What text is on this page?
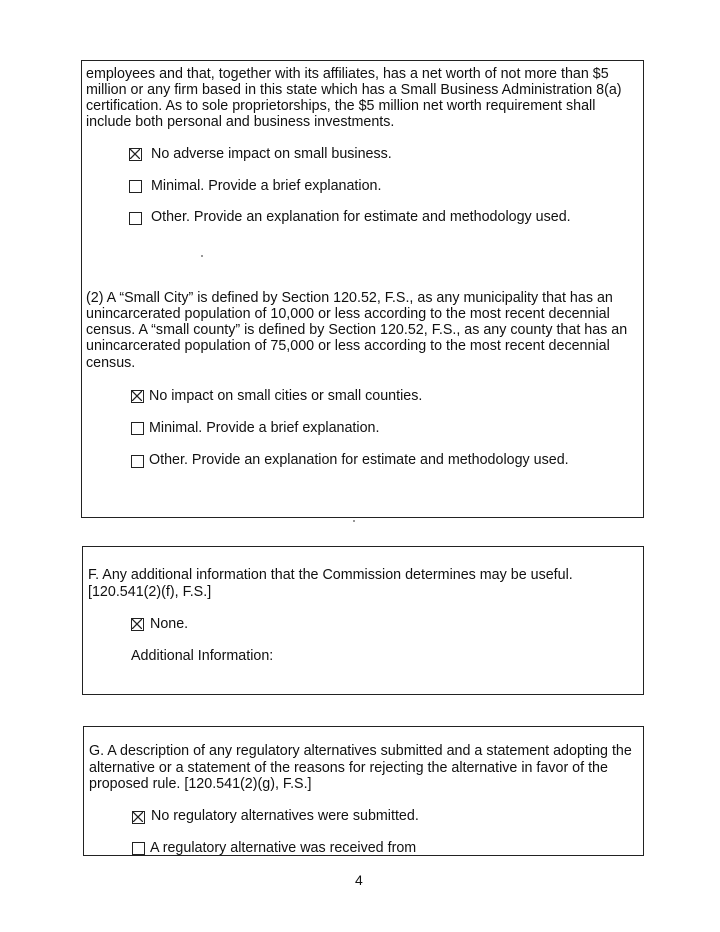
employees and that, together with its affiliates, has a net worth of not more than $5
million or any firm based in this state which has a Small Business Administration 8(a)
certification. As to sole proprietorships, the $5 million net worth requirement shall
include both personal and business investments.
No adverse impact on small business.
Minimal. Provide a brief explanation.
Other. Provide an explanation for estimate and methodology used.
(2) A “Small City” is defined by Section 120.52, F.S., as any municipality that has an
unincarcerated population of 10,000 or less according to the most recent decennial
census. A “small county” is defined by Section 120.52, F.S., as any county that has an
unincarcerated population of 75,000 or less according to the most recent decennial
census.
No impact on small cities or small counties.
Minimal. Provide a brief explanation.
Other. Provide an explanation for estimate and methodology used.
F. Any additional information that the Commission determines may be useful.
[120.541(2)(f), F.S.]
None.
Additional Information:
G. A description of any regulatory alternatives submitted and a statement adopting the
alternative or a statement of the reasons for rejecting the alternative in favor of the
proposed rule. [120.541(2)(g), F.S.]
No regulatory alternatives were submitted.
A regulatory alternative was received from
4
